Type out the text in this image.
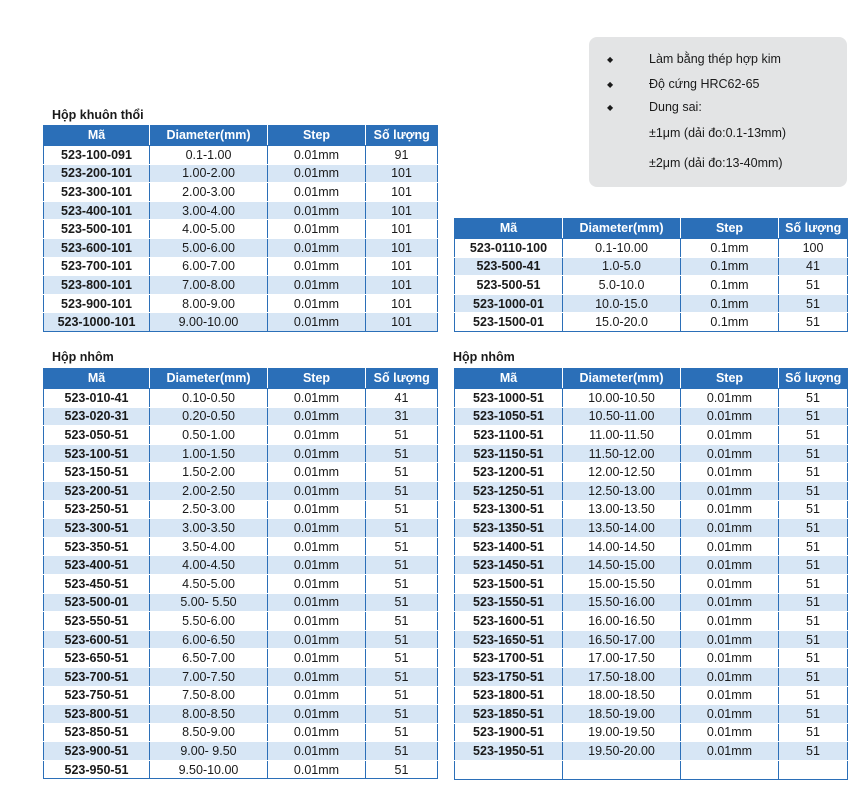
◆	Làm bằng thép hợp kim
◆	Độ cứng HRC62-65
◆	Dung sai:
±1μm (dải đo:0.1-13mm)
±2μm (dải đo:13-40mm)
Hộp khuôn thổi
Hộp nhôm	Hộp nhôm
Mã	Diameter(mm)	Step	Số lượng
523-100-091	0.1-1.00	0.01mm	91
523-200-101	1.00-2.00	0.01mm	101
523-300-101	2.00-3.00	0.01mm	101
523-400-101	3.00-4.00	0.01mm	101
523-500-101	4.00-5.00	0.01mm	101
523-600-101	5.00-6.00	0.01mm	101
523-700-101	6.00-7.00	0.01mm	101
523-800-101	7.00-8.00	0.01mm	101
523-900-101	8.00-9.00	0.01mm	101
523-1000-101	9.00-10.00	0.01mm	101
Mã	Diameter(mm)	Step	Số lượng
523-0110-100	0.1-10.00	0.1mm	100
523-500-41	1.0-5.0	0.1mm	41
523-500-51	5.0-10.0	0.1mm	51
523-1000-01	10.0-15.0	0.1mm	51
523-1500-01	15.0-20.0	0.1mm	51
Mã	Diameter(mm)	Step	Số lượng
523-010-41	0.10-0.50	0.01mm	41
523-020-31	0.20-0.50	0.01mm	31
523-050-51	0.50-1.00	0.01mm	51
523-100-51	1.00-1.50	0.01mm	51
523-150-51	1.50-2.00	0.01mm	51
523-200-51	2.00-2.50	0.01mm	51
523-250-51	2.50-3.00	0.01mm	51
523-300-51	3.00-3.50	0.01mm	51
523-350-51	3.50-4.00	0.01mm	51
523-400-51	4.00-4.50	0.01mm	51
523-450-51	4.50-5.00	0.01mm	51
523-500-01	5.00- 5.50	0.01mm	51
523-550-51	5.50-6.00	0.01mm	51
523-600-51	6.00-6.50	0.01mm	51
523-650-51	6.50-7.00	0.01mm	51
523-700-51	7.00-7.50	0.01mm	51
523-750-51	7.50-8.00	0.01mm	51
523-800-51	8.00-8.50	0.01mm	51
523-850-51	8.50-9.00	0.01mm	51
523-900-51	9.00- 9.50	0.01mm	51
523-950-51	9.50-10.00	0.01mm	51
Mã	Diameter(mm)	Step	Số lượng
523-1000-51	10.00-10.50	0.01mm	51
523-1050-51	10.50-11.00	0.01mm	51
523-1100-51	11.00-11.50	0.01mm	51
523-1150-51	11.50-12.00	0.01mm	51
523-1200-51	12.00-12.50	0.01mm	51
523-1250-51	12.50-13.00	0.01mm	51
523-1300-51	13.00-13.50	0.01mm	51
523-1350-51	13.50-14.00	0.01mm	51
523-1400-51	14.00-14.50	0.01mm	51
523-1450-51	14.50-15.00	0.01mm	51
523-1500-51	15.00-15.50	0.01mm	51
523-1550-51	15.50-16.00	0.01mm	51
523-1600-51	16.00-16.50	0.01mm	51
523-1650-51	16.50-17.00	0.01mm	51
523-1700-51	17.00-17.50	0.01mm	51
523-1750-51	17.50-18.00	0.01mm	51
523-1800-51	18.00-18.50	0.01mm	51
523-1850-51	18.50-19.00	0.01mm	51
523-1900-51	19.00-19.50	0.01mm	51
523-1950-51	19.50-20.00	0.01mm	51
